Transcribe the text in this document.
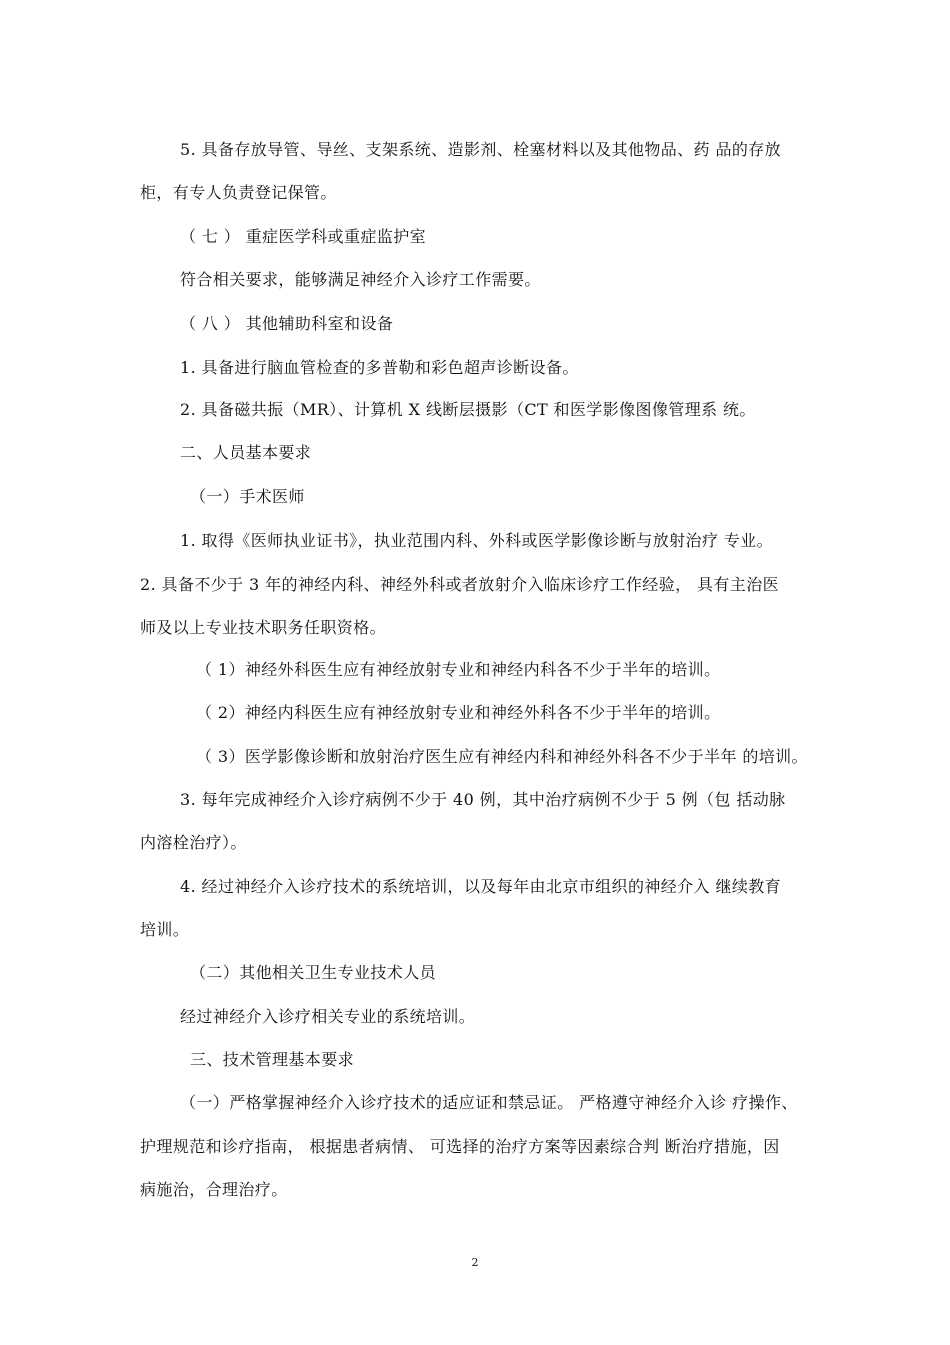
5. 具备存放导管、导丝、支架系统、造影剂、栓塞材料以及其他物品、药 品的存放
柜，有专人负责登记保管。
（ 七 ） 重症医学科或重症监护室
符合相关要求，能够满足神经介入诊疗工作需要。
（ 八 ） 其他辅助科室和设备
1. 具备进行脑血管检查的多普勒和彩色超声诊断设备。
2. 具备磁共振（MR）、计算机 X 线断层摄影（CT 和医学影像图像管理系 统。
二、人员基本要求
（一）手术医师
1. 取得《医师执业证书》，执业范围内科、外科或医学影像诊断与放射治疗 专业。
2. 具备不少于 3 年的神经内科、神经外科或者放射介入临床诊疗工作经验， 具有主治医
师及以上专业技术职务任职资格。
（ 1）神经外科医生应有神经放射专业和神经内科各不少于半年的培训。
（ 2）神经内科医生应有神经放射专业和神经外科各不少于半年的培训。
（ 3）医学影像诊断和放射治疗医生应有神经内科和神经外科各不少于半年 的培训。
3. 每年完成神经介入诊疗病例不少于 40 例，其中治疗病例不少于 5 例（包 括动脉
内溶栓治疗）。
4. 经过神经介入诊疗技术的系统培训，以及每年由北京市组织的神经介入 继续教育
培训。
（二）其他相关卫生专业技术人员
经过神经介入诊疗相关专业的系统培训。
三、技术管理基本要求
（一）严格掌握神经介入诊疗技术的适应证和禁忌证。 严格遵守神经介入诊 疗操作、
护理规范和诊疗指南， 根据患者病情、 可选择的治疗方案等因素综合判 断治疗措施，因
病施治，合理治疗。
2
